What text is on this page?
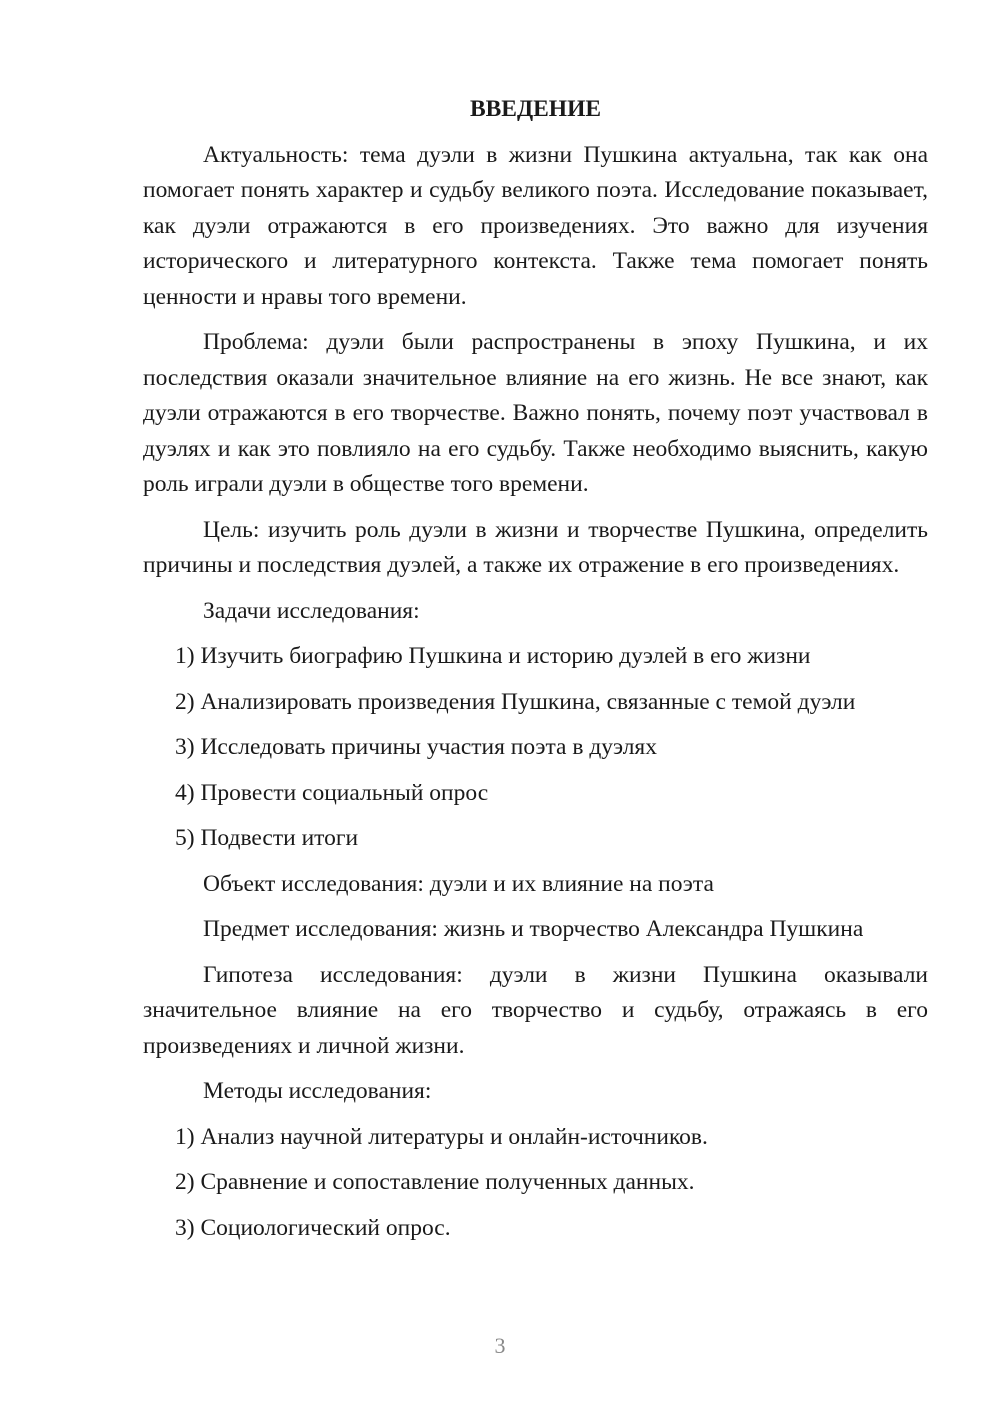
ВВЕДЕНИЕ
Актуальность: тема дуэли в жизни Пушкина актуальна, так как она помогает понять характер и судьбу великого поэта. Исследование показывает, как дуэли отражаются в его произведениях. Это важно для изучения исторического и литературного контекста. Также тема помогает понять ценности и нравы того времени.
Проблема: дуэли были распространены в эпоху Пушкина, и их последствия оказали значительное влияние на его жизнь. Не все знают, как дуэли отражаются в его творчестве. Важно понять, почему поэт участвовал в дуэлях и как это повлияло на его судьбу. Также необходимо выяснить, какую роль играли дуэли в обществе того времени.
Цель: изучить роль дуэли в жизни и творчестве Пушкина, определить причины и последствия дуэлей, а также их отражение в его произведениях.
Задачи исследования:
1) Изучить биографию Пушкина и историю дуэлей в его жизни
2) Анализировать произведения Пушкина, связанные с темой дуэли
3) Исследовать причины участия поэта в дуэлях
4) Провести социальный опрос
5) Подвести итоги
Объект исследования: дуэли и их влияние на поэта
Предмет исследования: жизнь и творчество Александра Пушкина
Гипотеза исследования: дуэли в жизни Пушкина оказывали значительное влияние на его творчество и судьбу, отражаясь в его произведениях и личной жизни.
Методы исследования:
1) Анализ научной литературы и онлайн-источников.
2) Сравнение и сопоставление полученных данных.
3) Социологический опрос.
3
